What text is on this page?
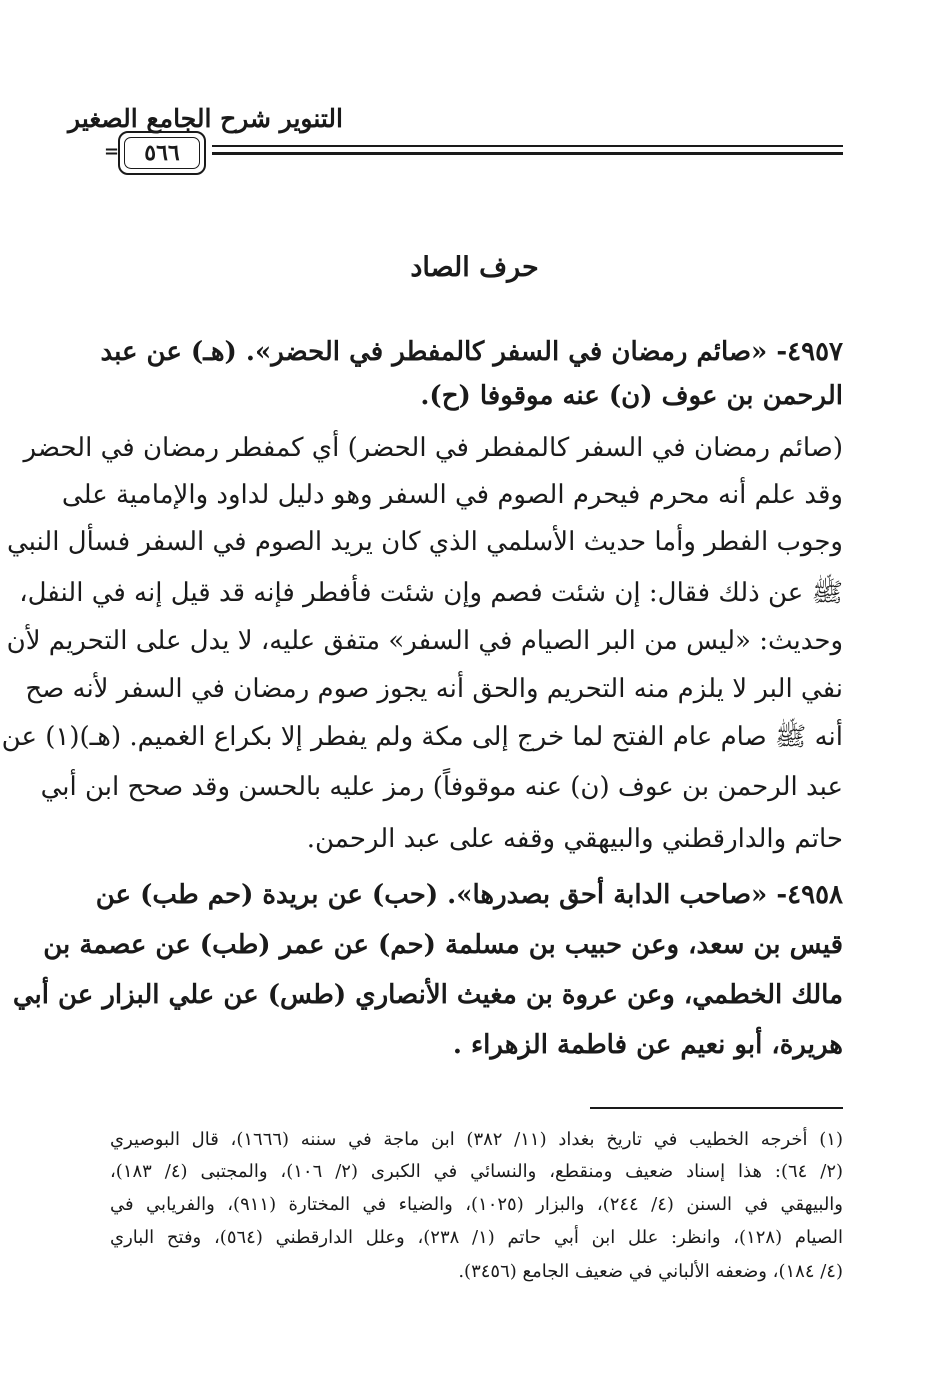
التنوير شرح الجامع الصغير
٥٦٦
=
حرف الصاد
٤٩٥٧- «صائم رمضان في السفر كالمفطر في الحضر». (هـ) عن عبد
الرحمن بن عوف (ن) عنه موقوفا (ح).
(صائم رمضان في السفر كالمفطر في الحضر) أي كمفطر رمضان في الحضر
وقد علم أنه محرم فيحرم الصوم في السفر وهو دليل لداود والإمامية على
وجوب الفطر وأما حديث الأسلمي الذي كان يريد الصوم في السفر فسأل النبي
ﷺ عن ذلك فقال: إن شئت فصم وإن شئت فأفطر فإنه قد قيل إنه في النفل،
وحديث: «ليس من البر الصيام في السفر» متفق عليه، لا يدل على التحريم لأن
نفي البر لا يلزم منه التحريم والحق أنه يجوز صوم رمضان في السفر لأنه صح
أنه ﷺ صام عام الفتح لما خرج إلى مكة ولم يفطر إلا بكراع الغميم. (هـ)(١) عن
عبد الرحمن بن عوف (ن) عنه موقوفاً) رمز عليه بالحسن وقد صحح ابن أبي
حاتم والدارقطني والبيهقي وقفه على عبد الرحمن.
٤٩٥٨- «صاحب الدابة أحق بصدرها». (حب) عن بريدة (حم طب) عن
قيس بن سعد، وعن حبيب بن مسلمة (حم) عن عمر (طب) عن عصمة بن
مالك الخطمي، وعن عروة بن مغيث الأنصاري (طس) عن علي البزار عن أبي
هريرة، أبو نعيم عن فاطمة الزهراء .
(١) أخرجه الخطيب في تاريخ بغداد (١١/ ٣٨٢) ابن ماجة في سننه (١٦٦٦)، قال البوصيري
(٢/ ٦٤): هذا إسناد ضعيف ومنقطع، والنسائي في الكبرى (٢/ ١٠٦)، والمجتبى (٤/ ١٨٣)،
والبيهقي في السنن (٤/ ٢٤٤)، والبزار (١٠٢٥)، والضياء في المختارة (٩١١)، والفريابي في
الصيام (١٢٨)، وانظر: علل ابن أبي حاتم (١/ ٢٣٨)، وعلل الدارقطني (٥٦٤)، وفتح الباري
(٤/ ١٨٤)، وضعفه الألباني في ضعيف الجامع (٣٤٥٦).
